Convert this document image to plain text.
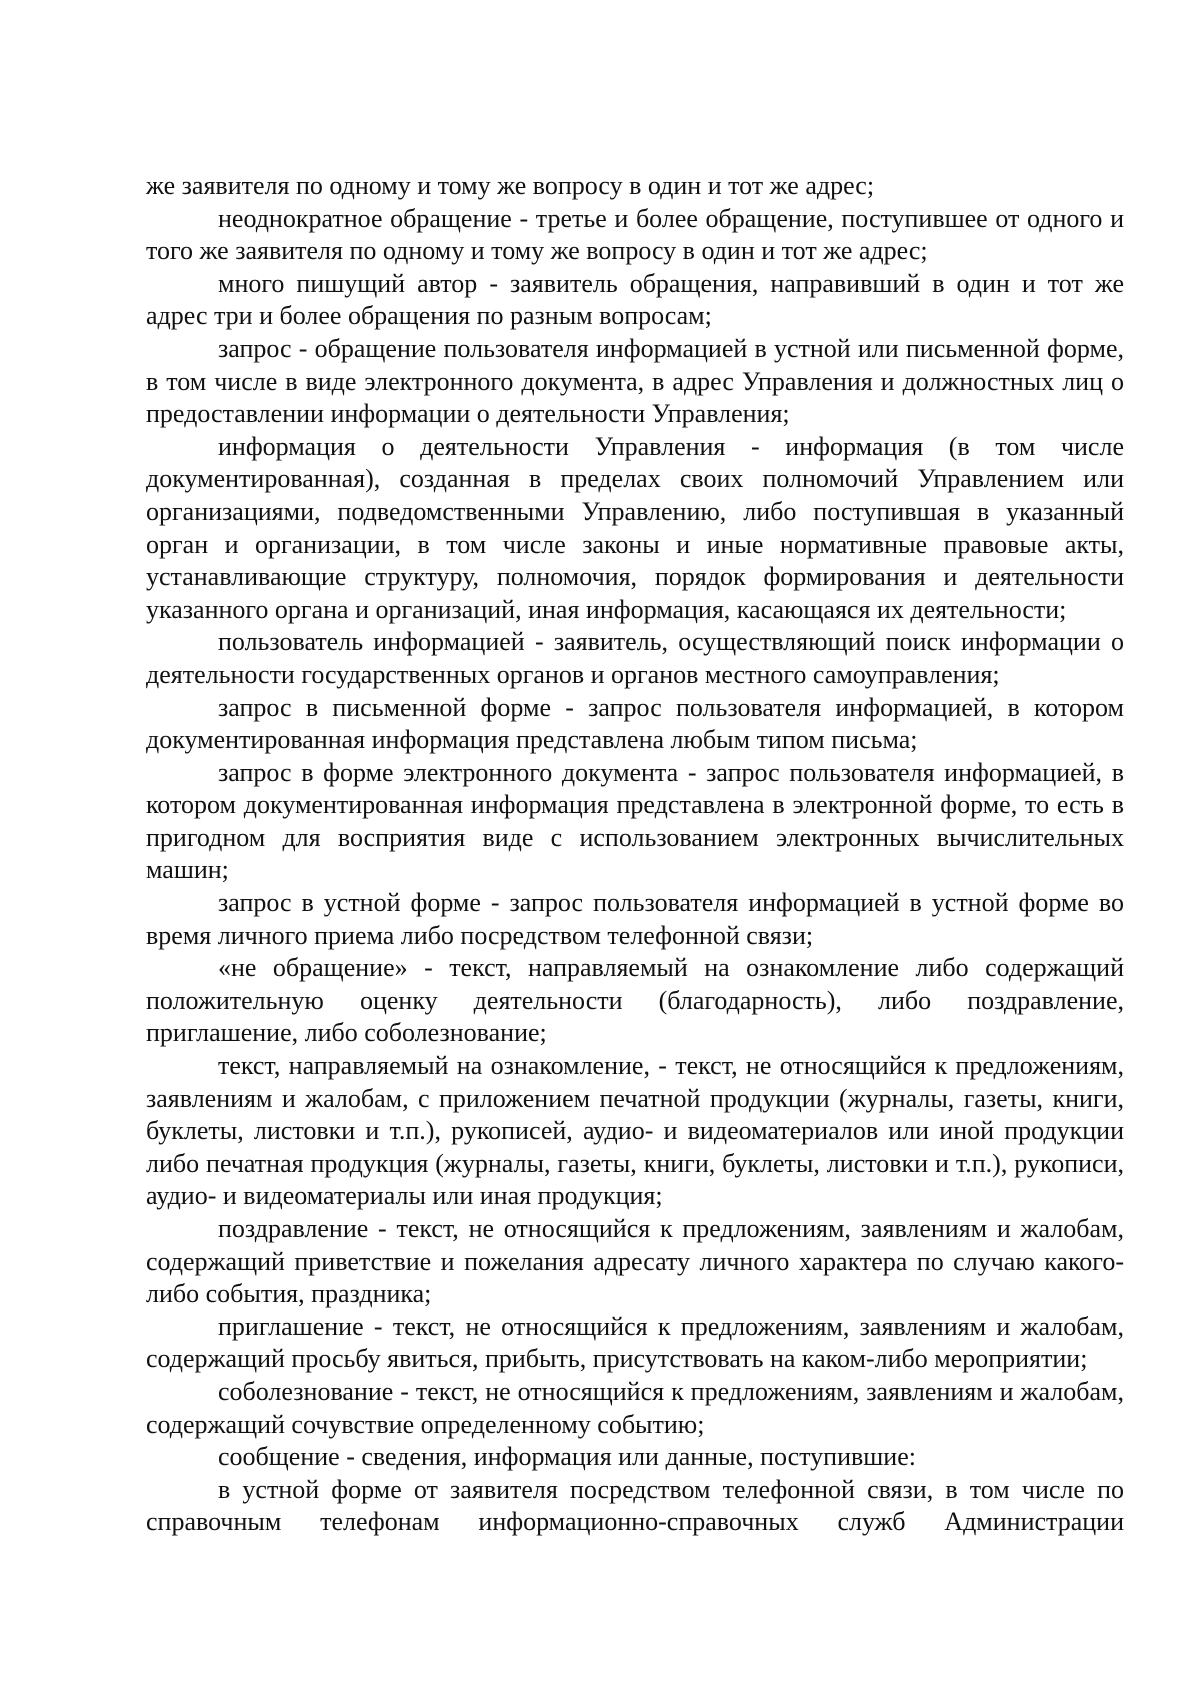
же заявителя по одному и тому же вопросу в один и тот же адрес;

неоднократное обращение - третье и более обращение, поступившее от одного и того же заявителя по одному и тому же вопросу в один и тот же адрес;

много пишущий автор - заявитель обращения, направивший в один и тот же адрес три и более обращения по разным вопросам;

запрос - обращение пользователя информацией в устной или письменной форме, в том числе в виде электронного документа, в адрес Управления и должностных лиц о предоставлении информации о деятельности Управления;

информация о деятельности Управления - информация (в том числе документированная), созданная в пределах своих полномочий Управлением или организациями, подведомственными Управлению, либо поступившая в указанный орган и организации, в том числе законы и иные нормативные правовые акты, устанавливающие структуру, полномочия, порядок формирования и деятельности указанного органа и организаций, иная информация, касающаяся их деятельности;

пользователь информацией - заявитель, осуществляющий поиск информации о деятельности государственных органов и органов местного самоуправления;

запрос в письменной форме - запрос пользователя информацией, в котором документированная информация представлена любым типом письма;

запрос в форме электронного документа - запрос пользователя информацией, в котором документированная информация представлена в электронной форме, то есть в пригодном для восприятия виде с использованием электронных вычислительных машин;

запрос в устной форме - запрос пользователя информацией в устной форме во время личного приема либо посредством телефонной связи;

«не обращение» - текст, направляемый на ознакомление либо содержащий положительную оценку деятельности (благодарность), либо поздравление, приглашение, либо соболезнование;

текст, направляемый на ознакомление, - текст, не относящийся к предложениям, заявлениям и жалобам, с приложением печатной продукции (журналы, газеты, книги, буклеты, листовки и т.п.), рукописей, аудио- и видеоматериалов или иной продукции либо печатная продукция (журналы, газеты, книги, буклеты, листовки и т.п.), рукописи, аудио- и видеоматериалы или иная продукция;

поздравление - текст, не относящийся к предложениям, заявлениям и жалобам, содержащий приветствие и пожелания адресату личного характера по случаю какого-либо события, праздника;

приглашение - текст, не относящийся к предложениям, заявлениям и жалобам, содержащий просьбу явиться, прибыть, присутствовать на каком-либо мероприятии;

соболезнование - текст, не относящийся к предложениям, заявлениям и жалобам, содержащий сочувствие определенному событию;

сообщение - сведения, информация или данные, поступившие:

в устной форме от заявителя посредством телефонной связи, в том числе по справочным телефонам информационно-справочных служб Администрации
